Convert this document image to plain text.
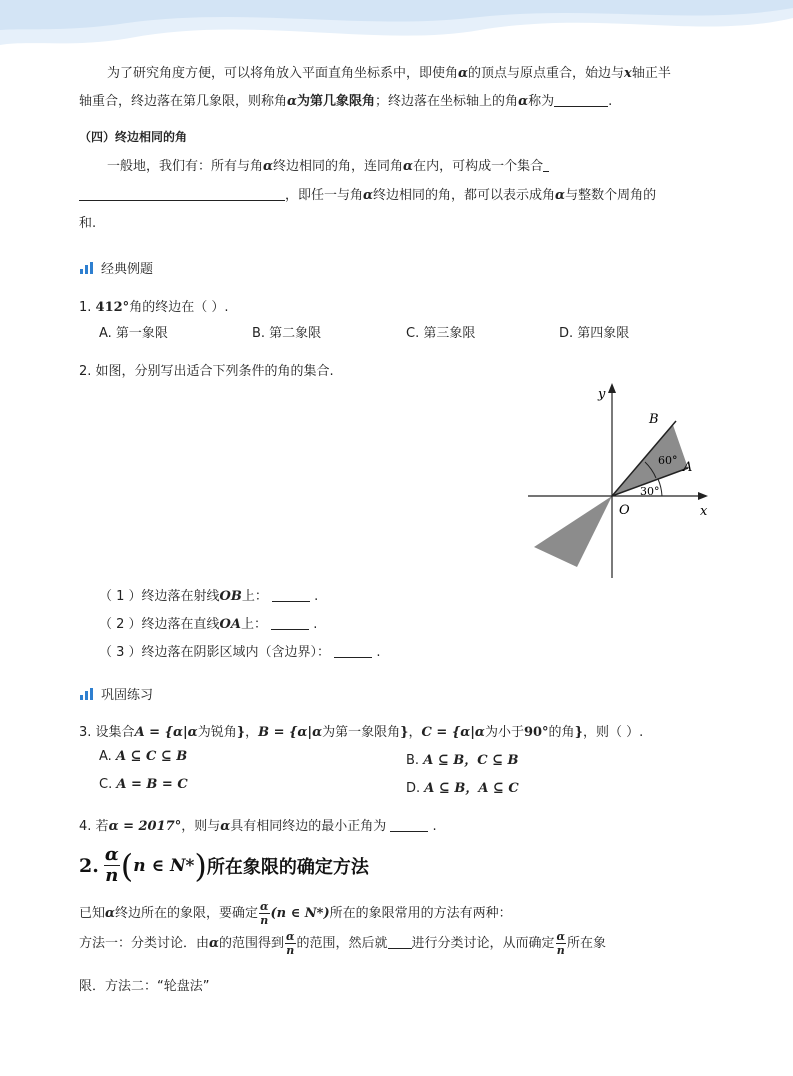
为了研究角度方便，可以将角放入平面直角坐标系中，即使角α的顶点与原点重合，始边与x轴正半
轴重合，终边落在第几象限，则称角α为第几象限角；终边落在坐标轴上的角α称为	.
（四）终边相同的角
一般地，我们有：所有与角α终边相同的角，连同角α在内，可构成一个集合
，即任一与角α终边相同的角，都可以表示成角α与整数个周角的
和.
经典例题
1. 412°角的终边在（ ）.
A. 第一象限	B. 第二象限	C. 第三象限	D. 第四象限
2. 如图，分别写出适合下列条件的角的集合.
y
x
O
A
B
60°
30°
（ 1 ）终边落在射线OB上：	.
（ 2 ）终边落在直线OA上：	.
（ 3 ）终边落在阴影区域内（含边界）：	.
巩固练习
3. 设集合A = {α|α为锐角}，B = {α|α为第一象限角}，C = {α|α为小于90°的角}，则（ ）.
A. A ⊆ C ⊆ B	B. A ⊆ B，C ⊆ B
C. A = B = C	D. A ⊆ B，A ⊆ C
4. 若α = 2017°，则与α具有相同终边的最小正角为	.
2. $\frac{\alpha}{n}$ ( n ∈ N* ) 所在象限的确定方法
已知α终边所在的象限，要确定 $\frac{\alpha}{n} (n$ ∈ N*)所在的象限常用的方法有两种：
方法一：分类讨论．由α的范围得到 $\frac{\alpha}{n}$ 的范围，然后就 进行分类讨论，从而确定 $\frac{\alpha}{n}$ 所在象
限．方法二：“轮盘法”
